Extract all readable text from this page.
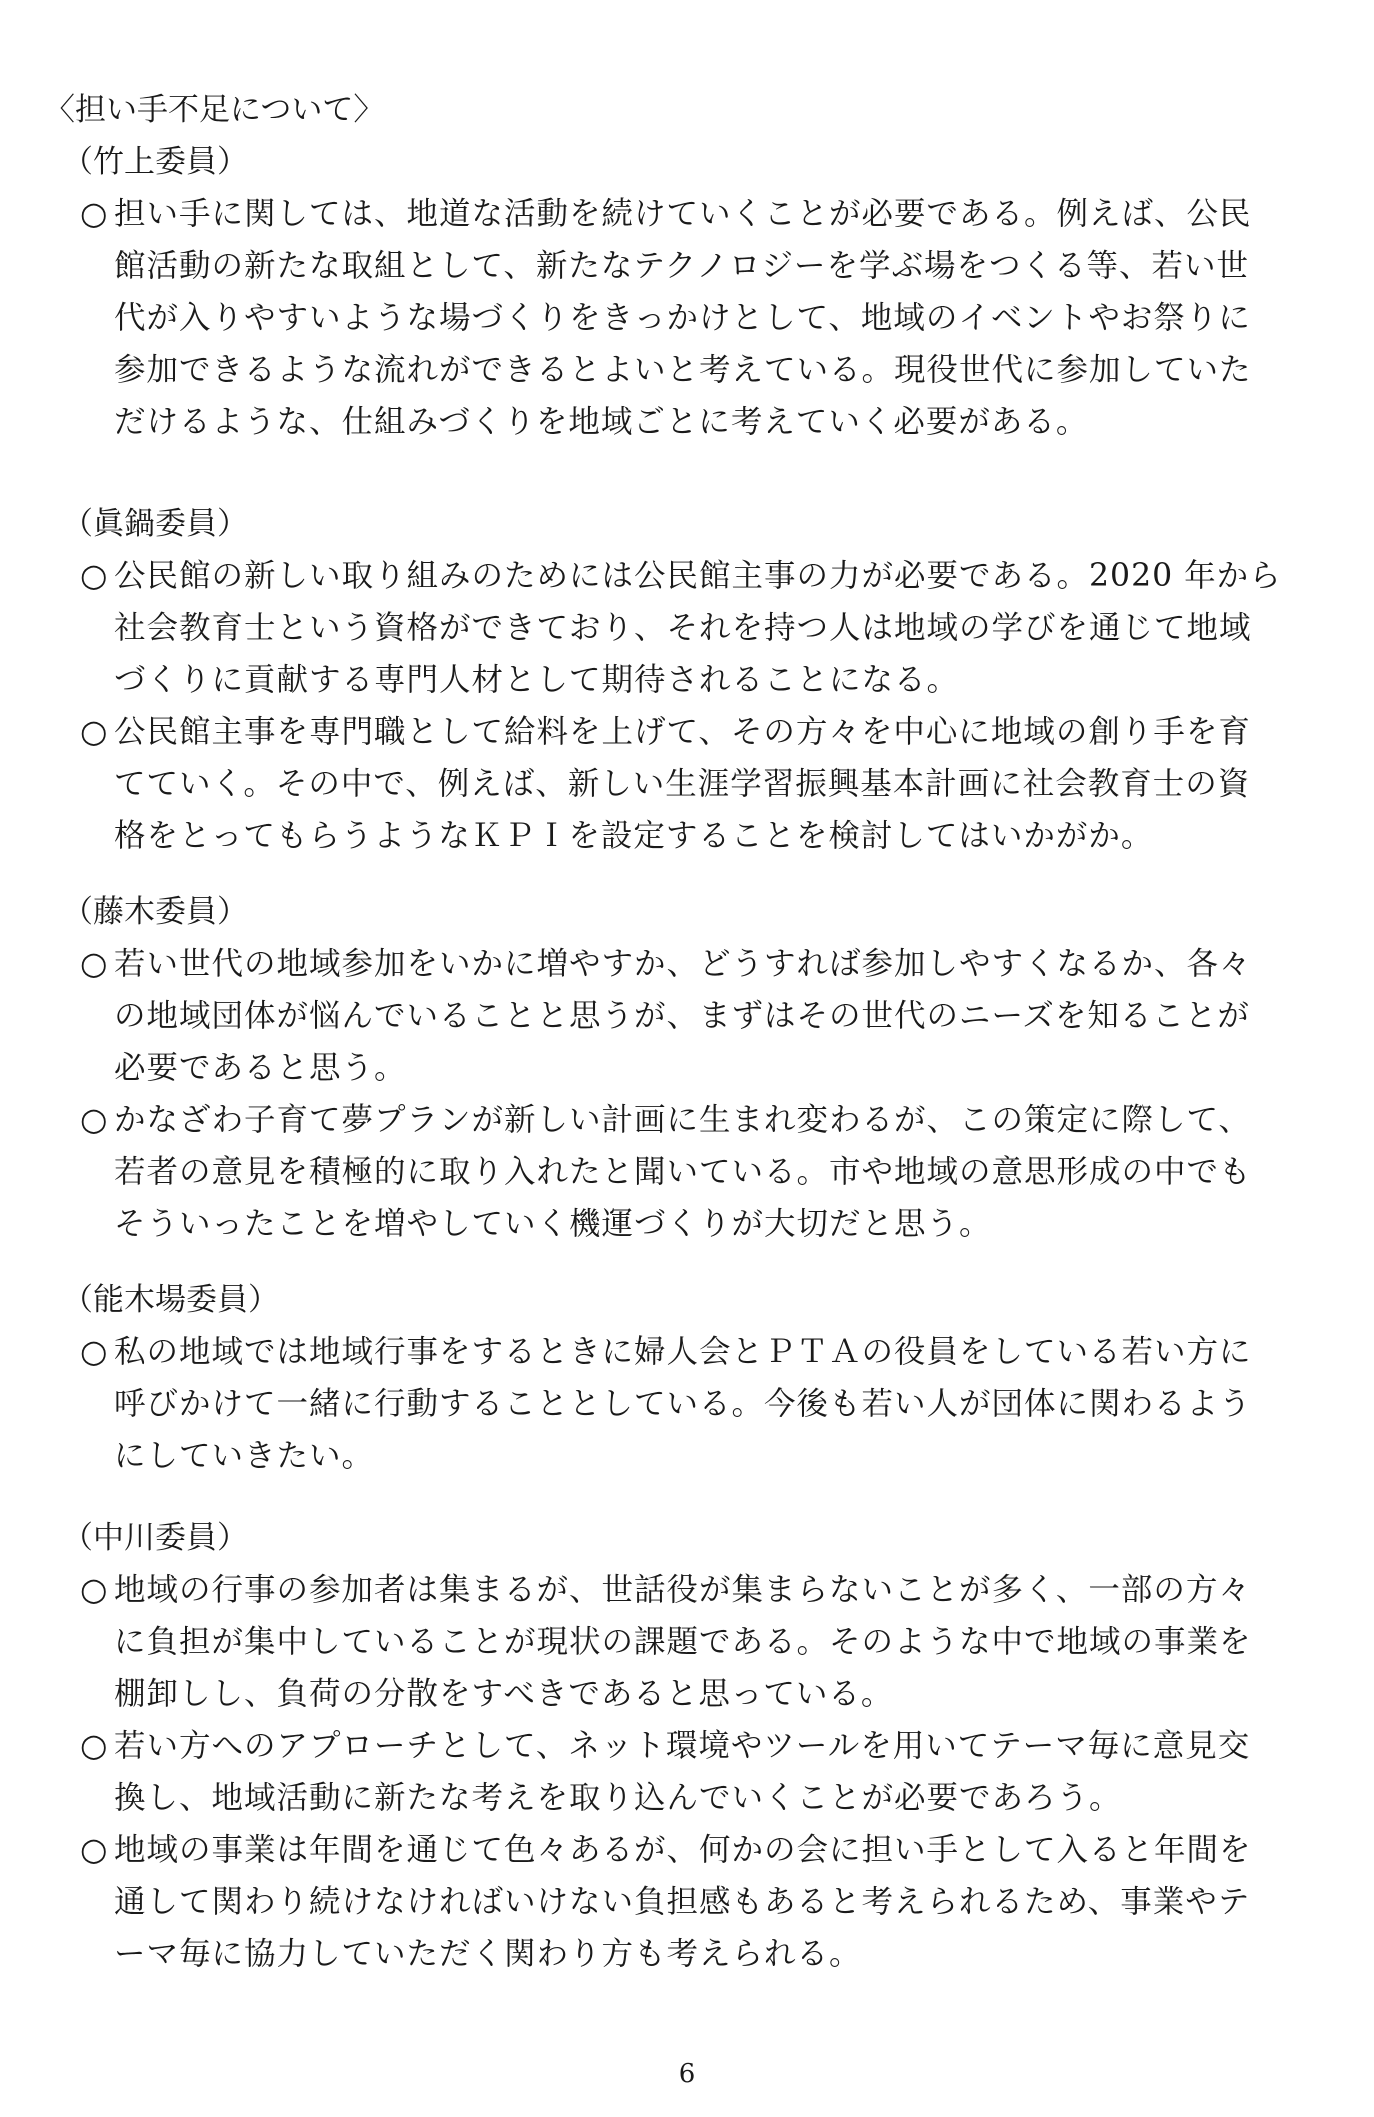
〈担い手不足について〉
（竹上委員）
○ 担い手に関しては、地道な活動を続けていくことが必要である。例えば、公民
館活動の新たな取組として、新たなテクノロジーを学ぶ場をつくる等、若い世
代が入りやすいような場づくりをきっかけとして、地域のイベントやお祭りに
参加できるような流れができるとよいと考えている。現役世代に参加していた
だけるような、仕組みづくりを地域ごとに考えていく必要がある。
（眞鍋委員）
○ 公民館の新しい取り組みのためには公民館主事の力が必要である。2020 年から
社会教育士という資格ができており、それを持つ人は地域の学びを通じて地域
づくりに貢献する専門人材として期待されることになる。
○ 公民館主事を専門職として給料を上げて、その方々を中心に地域の創り手を育
てていく。その中で、例えば、新しい生涯学習振興基本計画に社会教育士の資
格をとってもらうようなＫＰＩを設定することを検討してはいかがか。
（藤木委員）
○ 若い世代の地域参加をいかに増やすか、どうすれば参加しやすくなるか、各々
の地域団体が悩んでいることと思うが、まずはその世代のニーズを知ることが
必要であると思う。
○ かなざわ子育て夢プランが新しい計画に生まれ変わるが、この策定に際して、
若者の意見を積極的に取り入れたと聞いている。市や地域の意思形成の中でも
そういったことを増やしていく機運づくりが大切だと思う。
（能木場委員）
○ 私の地域では地域行事をするときに婦人会とＰＴＡの役員をしている若い方に
呼びかけて一緒に行動することとしている。今後も若い人が団体に関わるよう
にしていきたい。
（中川委員）
○ 地域の行事の参加者は集まるが、世話役が集まらないことが多く、一部の方々
に負担が集中していることが現状の課題である。そのような中で地域の事業を
棚卸しし、負荷の分散をすべきであると思っている。
○ 若い方へのアプローチとして、ネット環境やツールを用いてテーマ毎に意見交
換し、地域活動に新たな考えを取り込んでいくことが必要であろう。
○ 地域の事業は年間を通じて色々あるが、何かの会に担い手として入ると年間を
通して関わり続けなければいけない負担感もあると考えられるため、事業やテ
ーマ毎に協力していただく関わり方も考えられる。
6
